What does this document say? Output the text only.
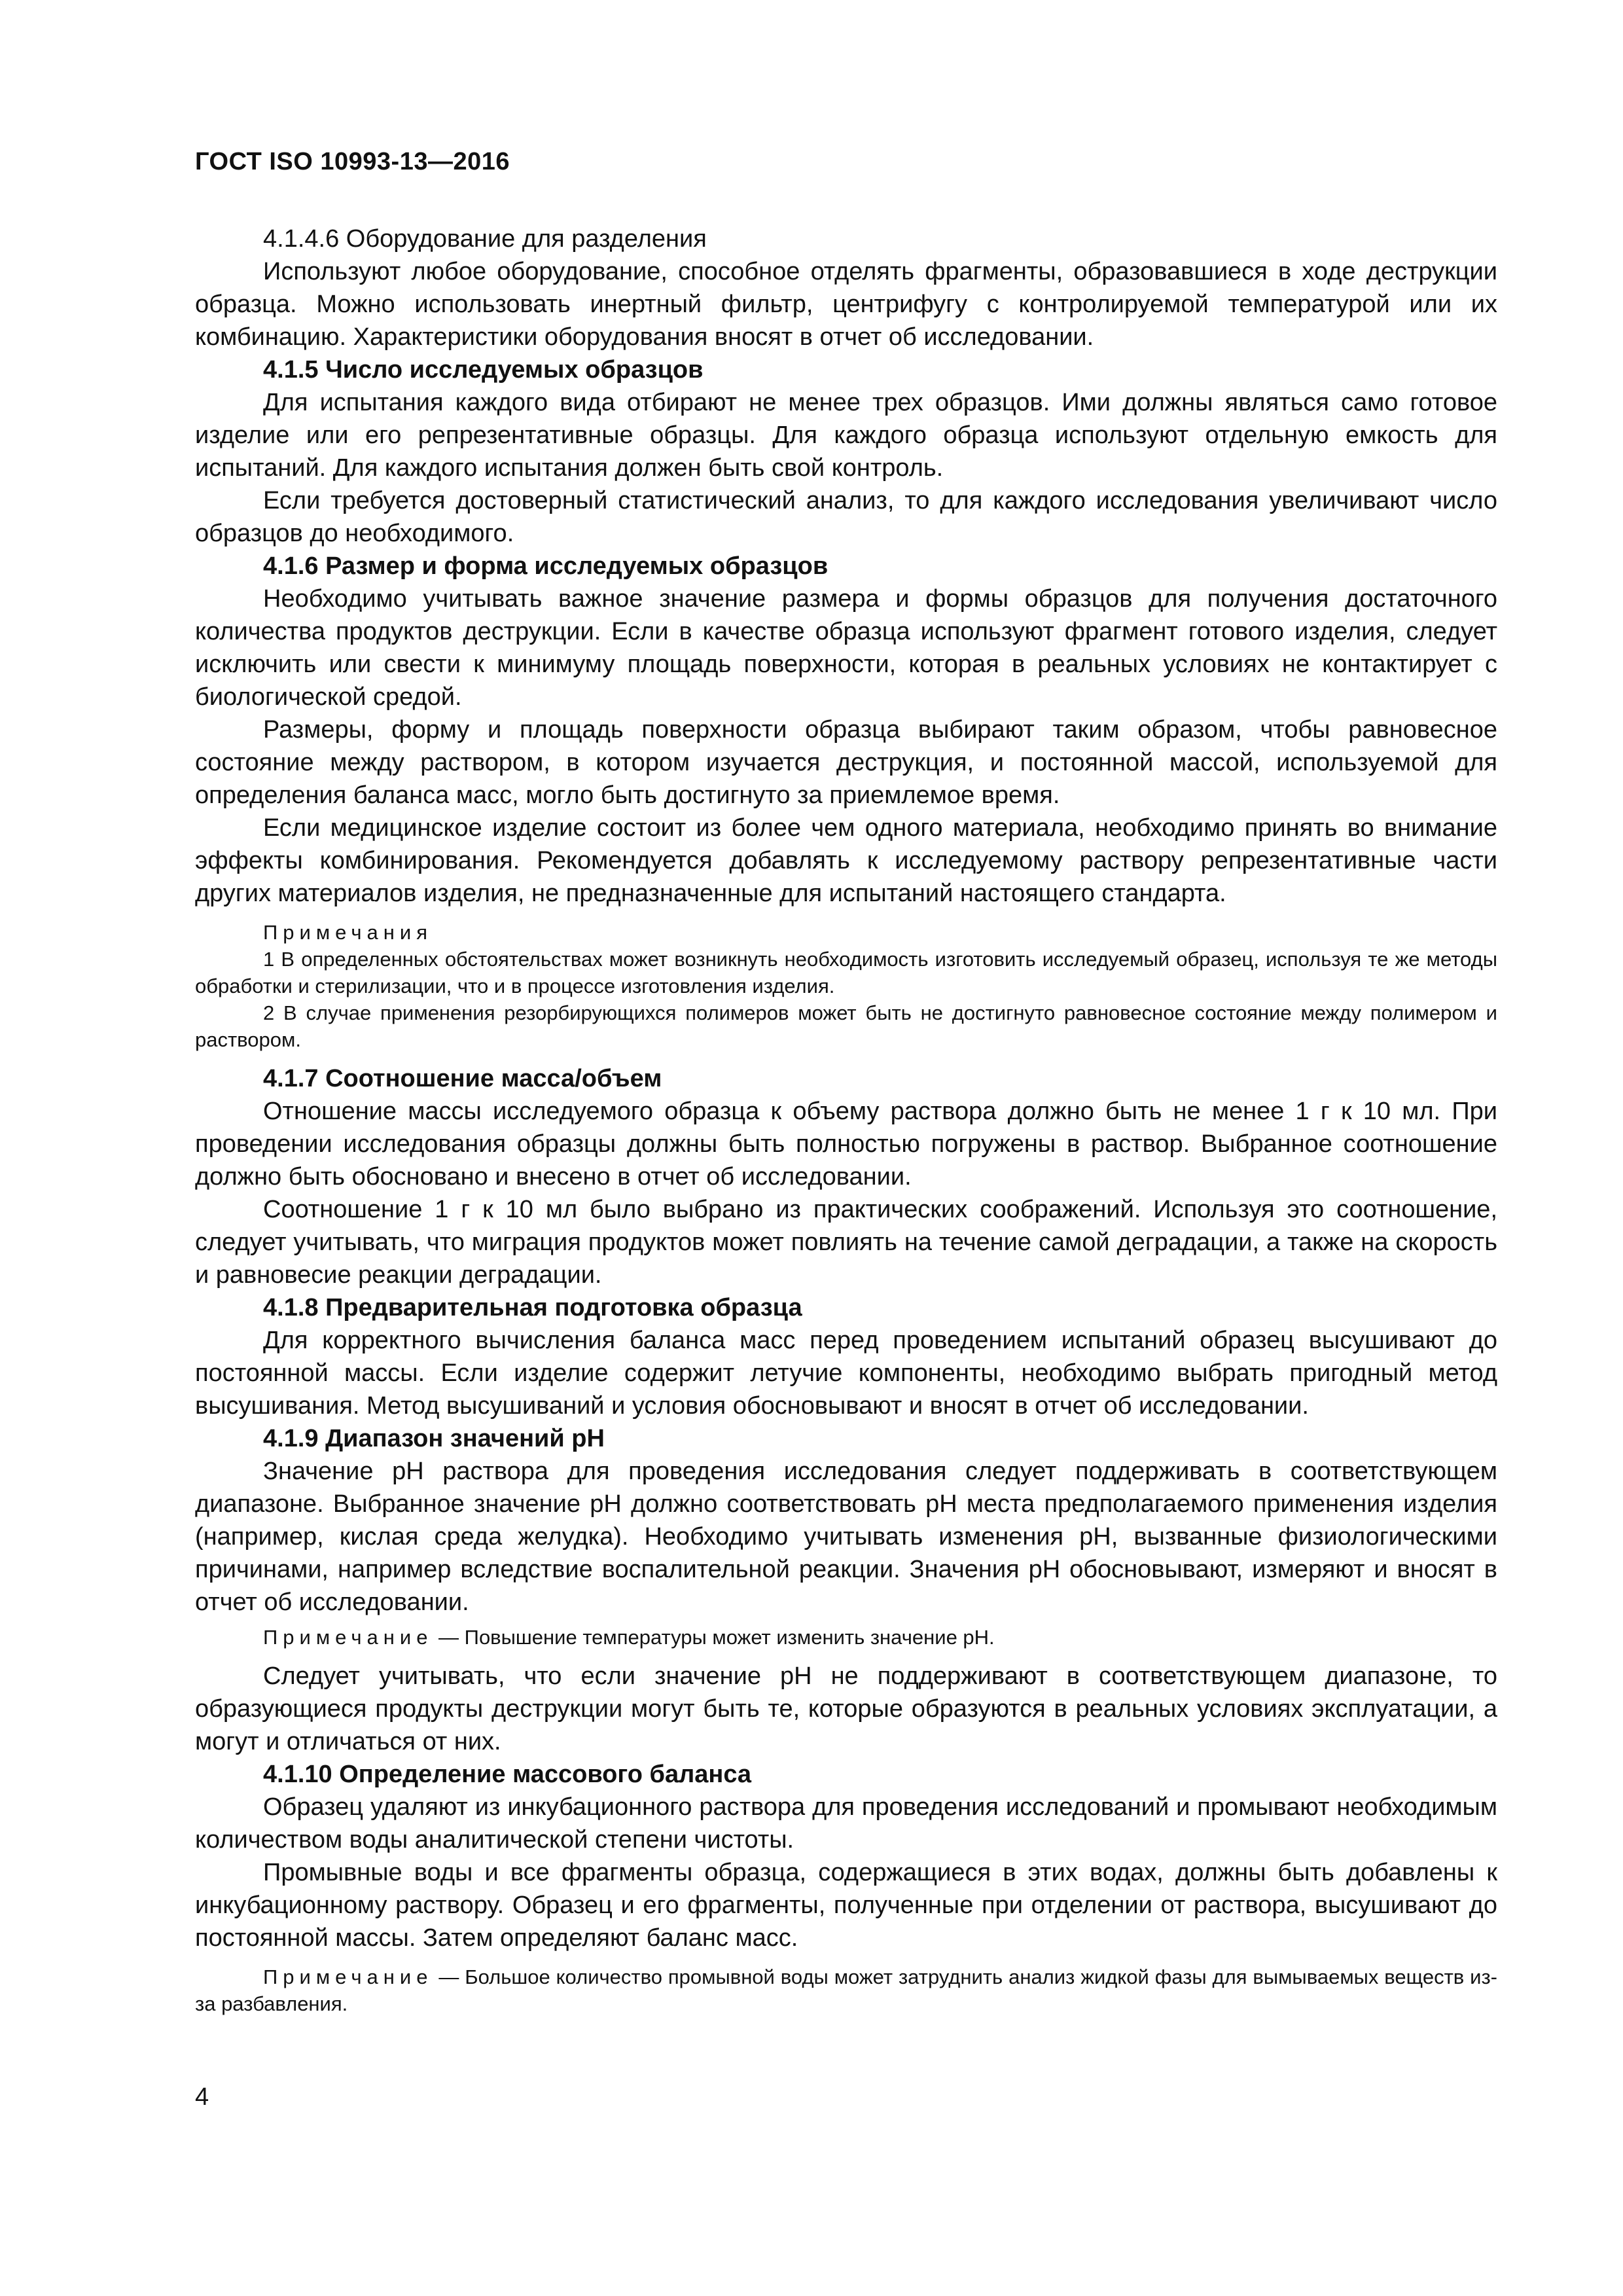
ГОСТ ISO 10993-13—2016

4.1.4.6 Оборудование для разделения

Используют любое оборудование, способное отделять фрагменты, образовавшиеся в ходе деструкции образца. Можно использовать инертный фильтр, центрифугу с контролируемой температурой или их комбинацию. Характеристики оборудования вносят в отчет об исследовании.

4.1.5 Число исследуемых образцов

Для испытания каждого вида отбирают не менее трех образцов. Ими должны являться само готовое изделие или его репрезентативные образцы. Для каждого образца используют отдельную емкость для испытаний. Для каждого испытания должен быть свой контроль.

Если требуется достоверный статистический анализ, то для каждого исследования увеличивают число образцов до необходимого.

4.1.6 Размер и форма исследуемых образцов

Необходимо учитывать важное значение размера и формы образцов для получения достаточного количества продуктов деструкции. Если в качестве образца используют фрагмент готового изделия, следует исключить или свести к минимуму площадь поверхности, которая в реальных условиях не контактирует с биологической средой.

Размеры, форму и площадь поверхности образца выбирают таким образом, чтобы равновесное состояние между раствором, в котором изучается деструкция, и постоянной массой, используемой для определения баланса масс, могло быть достигнуто за приемлемое время.

Если медицинское изделие состоит из более чем одного материала, необходимо принять во внимание эффекты комбинирования. Рекомендуется добавлять к исследуемому раствору репрезентативные части других материалов изделия, не предназначенные для испытаний настоящего стандарта.

Примечания

1 В определенных обстоятельствах может возникнуть необходимость изготовить исследуемый образец, используя те же методы обработки и стерилизации, что и в процессе изготовления изделия.

2 В случае применения резорбирующихся полимеров может быть не достигнуто равновесное состояние между полимером и раствором.

4.1.7 Соотношение масса/объем

Отношение массы исследуемого образца к объему раствора должно быть не менее 1 г к 10 мл. При проведении исследования образцы должны быть полностью погружены в раствор. Выбранное соотношение должно быть обосновано и внесено в отчет об исследовании.

Соотношение 1 г к 10 мл было выбрано из практических соображений. Используя это соотношение, следует учитывать, что миграция продуктов может повлиять на течение самой деградации, а также на скорость и равновесие реакции деградации.

4.1.8 Предварительная подготовка образца

Для корректного вычисления баланса масс перед проведением испытаний образец высушивают до постоянной массы. Если изделие содержит летучие компоненты, необходимо выбрать пригодный метод высушивания. Метод высушиваний и условия обосновывают и вносят в отчет об исследовании.

4.1.9 Диапазон значений pH

Значение pH раствора для проведения исследования следует поддерживать в соответствующем диапазоне. Выбранное значение pH должно соответствовать pH места предполагаемого применения изделия (например, кислая среда желудка). Необходимо учитывать изменения pH, вызванные физиологическими причинами, например вследствие воспалительной реакции. Значения pH обосновывают, измеряют и вносят в отчет об исследовании.

Примечание — Повышение температуры может изменить значение pH.

Следует учитывать, что если значение pH не поддерживают в соответствующем диапазоне, то образующиеся продукты деструкции могут быть те, которые образуются в реальных условиях эксплуатации, а могут и отличаться от них.

4.1.10 Определение массового баланса

Образец удаляют из инкубационного раствора для проведения исследований и промывают необходимым количеством воды аналитической степени чистоты.

Промывные воды и все фрагменты образца, содержащиеся в этих водах, должны быть добавлены к инкубационному раствору. Образец и его фрагменты, полученные при отделении от раствора, высушивают до постоянной массы. Затем определяют баланс масс.

Примечание — Большое количество промывной воды может затруднить анализ жидкой фазы для вымываемых веществ из-за разбавления.

4
